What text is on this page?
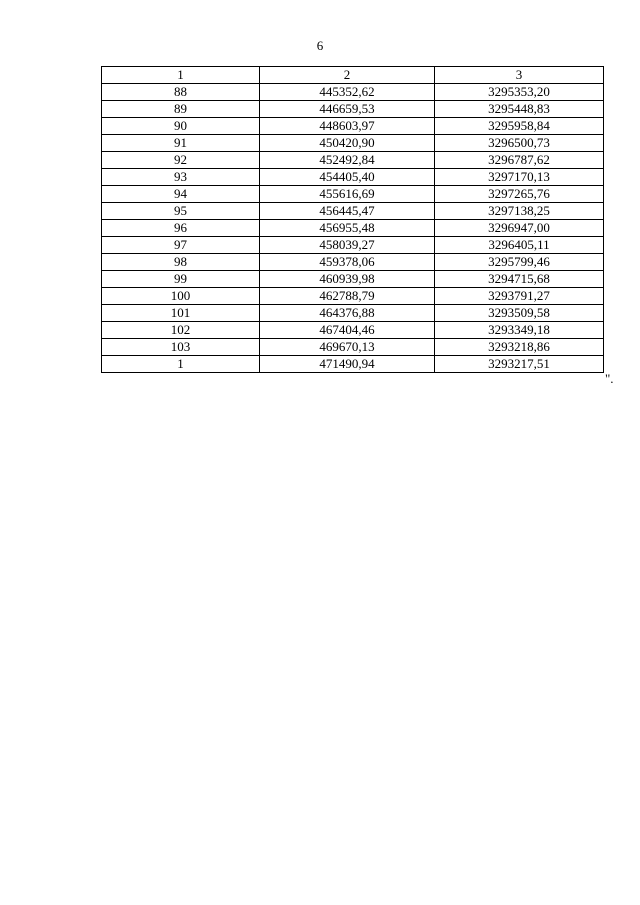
6
1	2	3
88	445352,62	3295353,20
89	446659,53	3295448,83
90	448603,97	3295958,84
91	450420,90	3296500,73
92	452492,84	3296787,62
93	454405,40	3297170,13
94	455616,69	3297265,76
95	456445,47	3297138,25
96	456955,48	3296947,00
97	458039,27	3296405,11
98	459378,06	3295799,46
99	460939,98	3294715,68
100	462788,79	3293791,27
101	464376,88	3293509,58
102	467404,46	3293349,18
103	469670,13	3293218,86
1	471490,94	3293217,51
".
